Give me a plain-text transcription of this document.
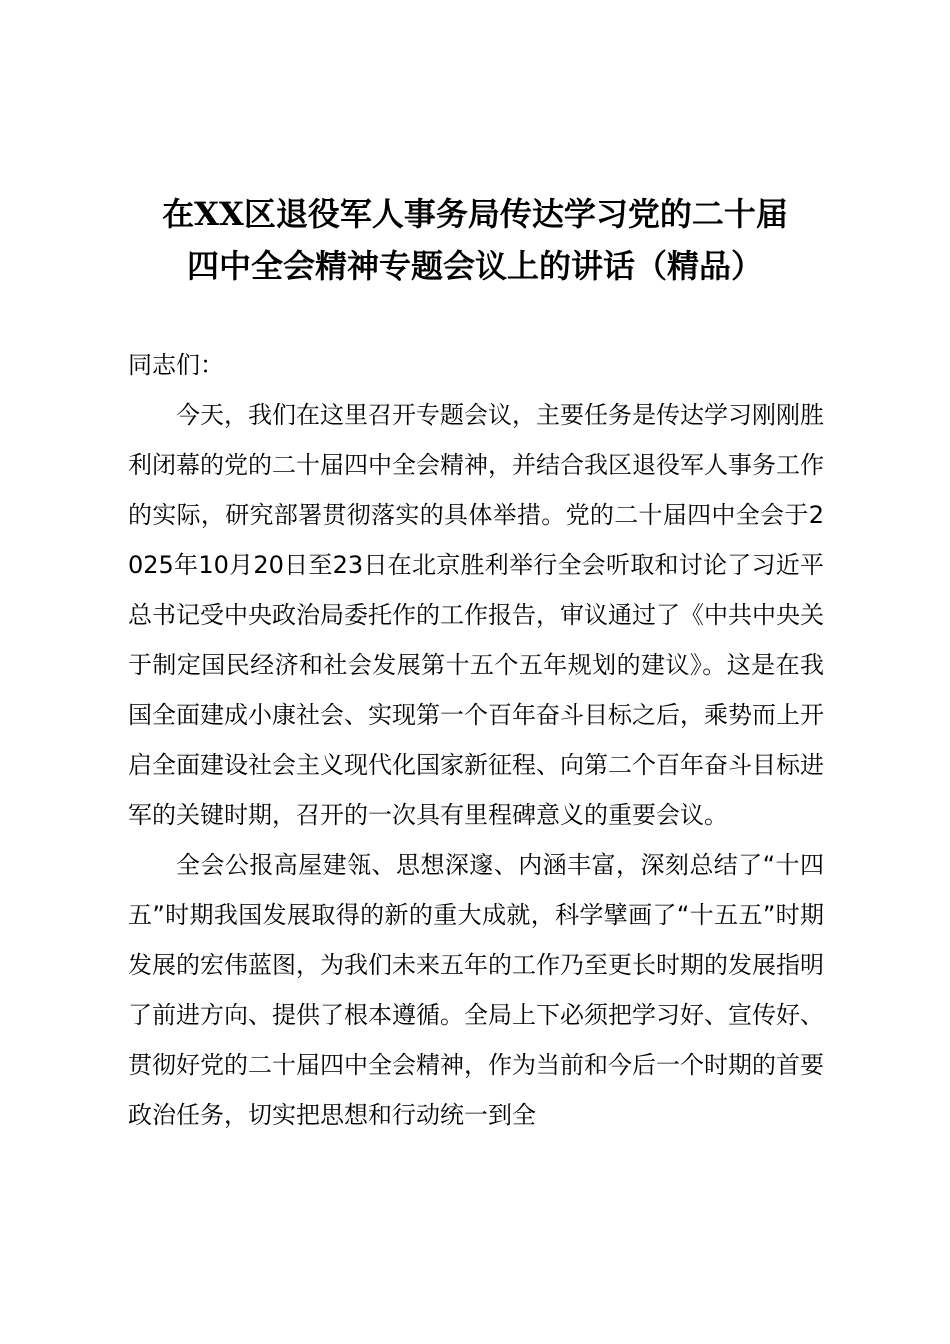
在XX区退役军人事务局传达学习党的二十届
四中全会精神专题会议上的讲话（精品）

同志们：

今天，我们在这里召开专题会议，主要任务是传达学习刚刚胜利闭幕的党的二十届四中全会精神，并结合我区退役军人事务工作的实际，研究部署贯彻落实的具体举措。党的二十届四中全会于2025年10月20日至23日在北京胜利举行全会听取和讨论了习近平总书记受中央政治局委托作的工作报告，审议通过了《中共中央关于制定国民经济和社会发展第十五个五年规划的建议》。这是在我国全面建成小康社会、实现第一个百年奋斗目标之后，乘势而上开启全面建设社会主义现代化国家新征程、向第二个百年奋斗目标进军的关键时期，召开的一次具有里程碑意义的重要会议。

全会公报高屋建瓴、思想深邃、内涵丰富，深刻总结了“十四五”时期我国发展取得的新的重大成就，科学擘画了“十五五”时期发展的宏伟蓝图，为我们未来五年的工作乃至更长时期的发展指明了前进方向、提供了根本遵循。全局上下必须把学习好、宣传好、贯彻好党的二十届四中全会精神，作为当前和今后一个时期的首要政治任务，切实把思想和行动统一到全
